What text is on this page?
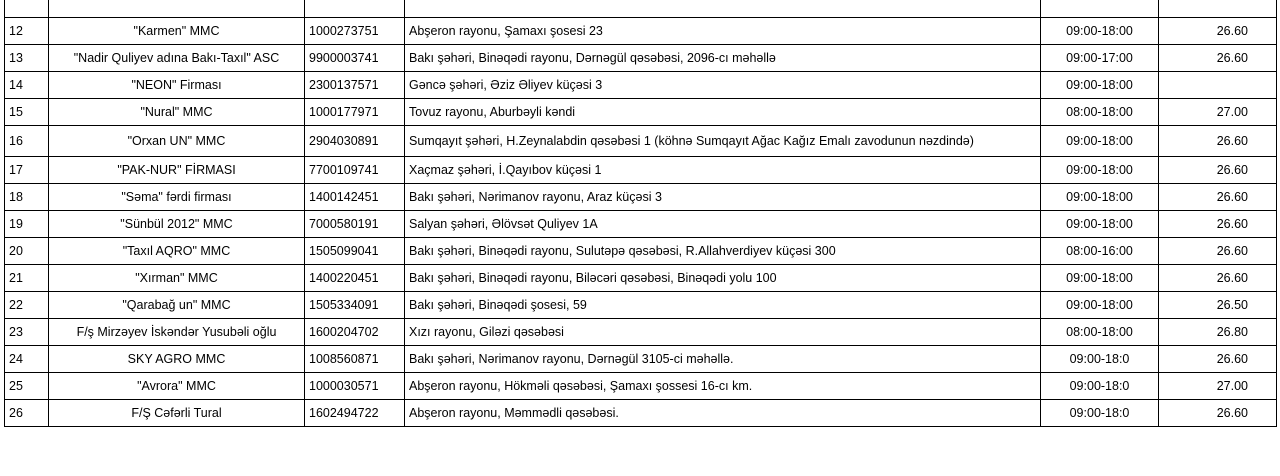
12	"Karmen" MMC	1000273751	Abşeron rayonu, Şamaxı şosesi 23	09:00-18:00	26.60
13	"Nadir Quliyev adına Bakı-Taxıl" ASC	9900003741	Bakı şəhəri, Binəqədi rayonu, Dərnəgül qəsəbəsi, 2096-cı məhəllə	09:00-17:00	26.60
14	"NEON" Firması	2300137571	Gəncə şəhəri, Əziz Əliyev küçəsi 3	09:00-18:00	
15	"Nural" MMC	1000177971	Tovuz rayonu, Aburbəyli kəndi	08:00-18:00	27.00
16	"Orxan UN" MMC	2904030891	Sumqayıt şəhəri, H.Zeynalabdin qəsəbəsi 1 (köhnə Sumqayıt Ağac Kağız Emalı zavodunun nəzdində)	09:00-18:00	26.60
17	"PAK-NUR" FİRMASI	7700109741	Xaçmaz şəhəri, İ.Qayıbov küçəsi 1	09:00-18:00	26.60
18	"Səma" fərdi firması	1400142451	Bakı şəhəri, Nərimanov rayonu, Araz küçəsi 3	09:00-18:00	26.60
19	"Sünbül 2012" MMC	7000580191	Salyan şəhəri, Əlövsət Quliyev 1A	09:00-18:00	26.60
20	"Taxıl AQRO" MMC	1505099041	Bakı şəhəri, Binəqədi rayonu, Sulutəpə qəsəbəsi, R.Allahverdiyev küçəsi 300	08:00-16:00	26.60
21	"Xırman" MMC	1400220451	Bakı şəhəri, Binəqədi rayonu, Biləcəri qəsəbəsi, Binəqədi yolu 100	09:00-18:00	26.60
22	"Qarabağ un" MMC	1505334091	Bakı şəhəri, Binəqədi şosesi, 59	09:00-18:00	26.50
23	F/ş Mirzəyev İskəndər Yusubəli oğlu	1600204702	Xızı rayonu, Giləzi qəsəbəsi	08:00-18:00	26.80
24	SKY AGRO MMC	1008560871	Bakı şəhəri, Nərimanov rayonu, Dərnəgül 3105-ci məhəllə.	09:00-18:0	26.60
25	"Avrora" MMC	1000030571	Abşeron rayonu, Hökməli qəsəbəsi, Şamaxı şossesi 16-cı km.	09:00-18:0	27.00
26	F/Ş Cəfərli Tural	1602494722	Abşeron rayonu, Məmmədli qəsəbəsi.	09:00-18:0	26.60
